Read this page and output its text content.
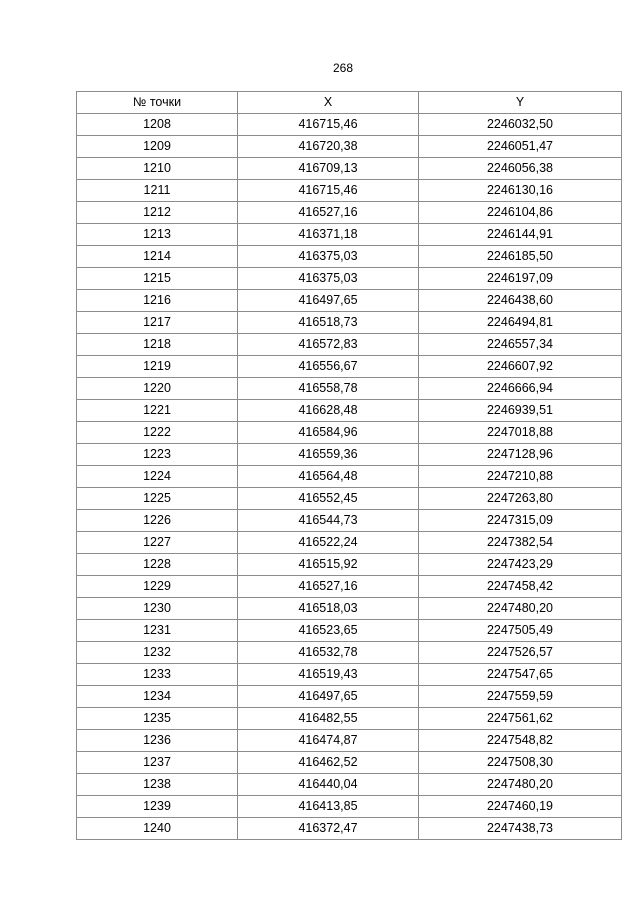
268
№ точки	X	Y
1208	416715,46	2246032,50
1209	416720,38	2246051,47
1210	416709,13	2246056,38
1211	416715,46	2246130,16
1212	416527,16	2246104,86
1213	416371,18	2246144,91
1214	416375,03	2246185,50
1215	416375,03	2246197,09
1216	416497,65	2246438,60
1217	416518,73	2246494,81
1218	416572,83	2246557,34
1219	416556,67	2246607,92
1220	416558,78	2246666,94
1221	416628,48	2246939,51
1222	416584,96	2247018,88
1223	416559,36	2247128,96
1224	416564,48	2247210,88
1225	416552,45	2247263,80
1226	416544,73	2247315,09
1227	416522,24	2247382,54
1228	416515,92	2247423,29
1229	416527,16	2247458,42
1230	416518,03	2247480,20
1231	416523,65	2247505,49
1232	416532,78	2247526,57
1233	416519,43	2247547,65
1234	416497,65	2247559,59
1235	416482,55	2247561,62
1236	416474,87	2247548,82
1237	416462,52	2247508,30
1238	416440,04	2247480,20
1239	416413,85	2247460,19
1240	416372,47	2247438,73
